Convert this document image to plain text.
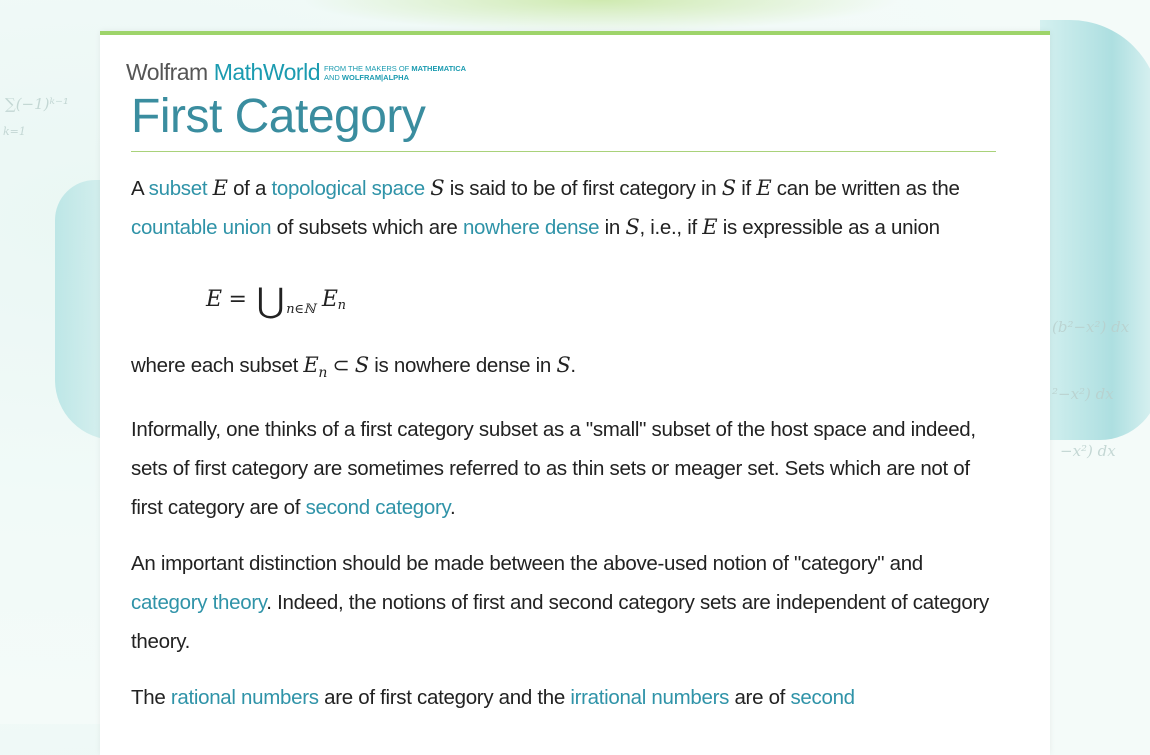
∑(−1)ᵏ⁻¹
k=1
(b²−x²) dx
²−x²) dx
−x²) dx
Wolfram MathWorld FROM THE MAKERS OF MATHEMATICA
AND WOLFRAM|ALPHA
First Category

A subset E of a topological space S is said to be of first category in S if E can be written as the countable union of subsets which are nowhere dense in S, i.e., if E is expressible as a union

E
= $⋃_{n\in ℕ}$
$E_n$

where each subset $E_n$ ⊂ S is nowhere dense in S.

Informally, one thinks of a first category subset as a "small" subset of the host space and indeed, sets of first category are sometimes referred to as thin sets or meager set. Sets which are not of first category are of second category.

An important distinction should be made between the above-used notion of "category" and category theory. Indeed, the notions of first and second category sets are independent of category theory.

The rational numbers are of first category and the irrational numbers are of second
